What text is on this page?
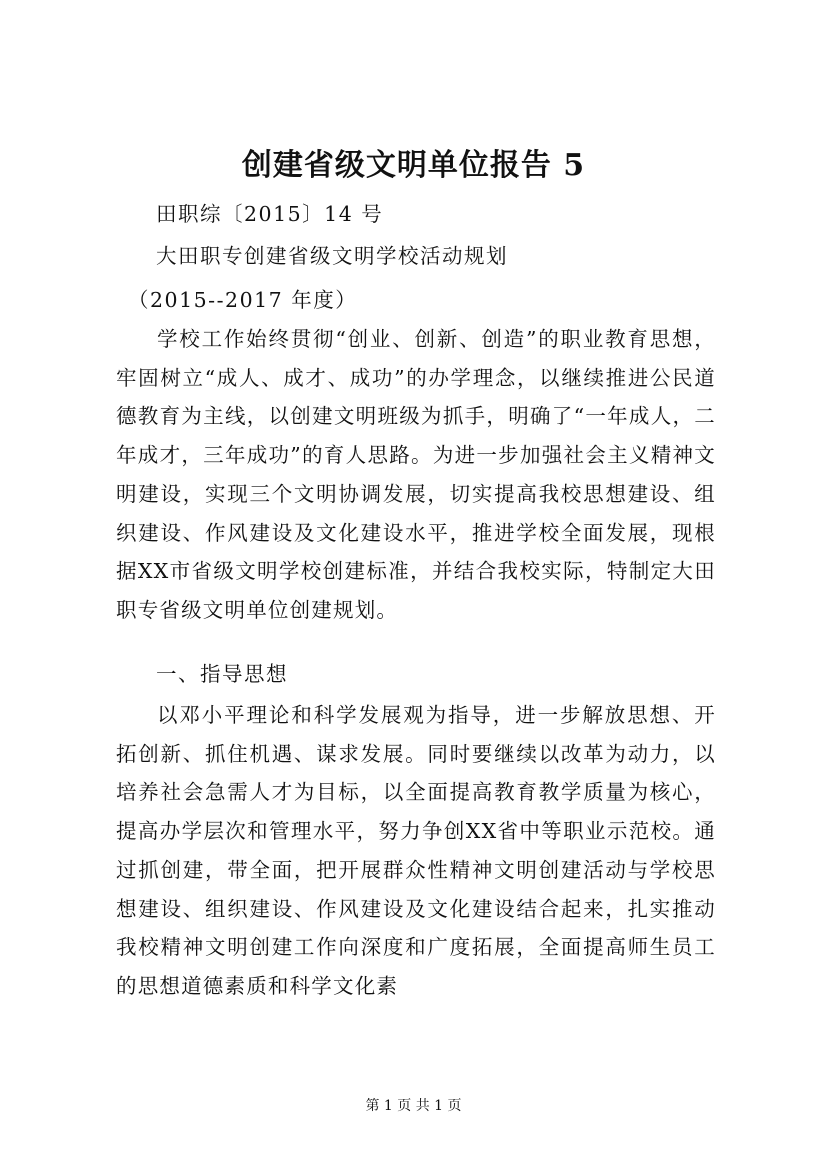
创建省级文明单位报告 5
田职综〔2015〕14 号
大田职专创建省级文明学校活动规划
（2015--2017 年度）
学校工作始终贯彻“创业、创新、创造”的职业教育思想，牢固树立“成人、成才、成功”的办学理念，以继续推进公民道德教育为主线，以创建文明班级为抓手，明确了“一年成人，二年成才，三年成功”的育人思路。为进一步加强社会主义精神文明建设，实现三个文明协调发展，切实提高我校思想建设、组织建设、作风建设及文化建设水平，推进学校全面发展，现根据XX市省级文明学校创建标准，并结合我校实际，特制定大田职专省级文明单位创建规划。
一、指导思想
以邓小平理论和科学发展观为指导，进一步解放思想、开拓创新、抓住机遇、谋求发展。同时要继续以改革为动力，以培养社会急需人才为目标，以全面提高教育教学质量为核心，提高办学层次和管理水平，努力争创XX省中等职业示范校。通过抓创建，带全面，把开展群众性精神文明创建活动与学校思想建设、组织建设、作风建设及文化建设结合起来，扎实推动我校精神文明创建工作向深度和广度拓展，全面提高师生员工的思想道德素质和科学文化素
第 1 页 共 1 页
